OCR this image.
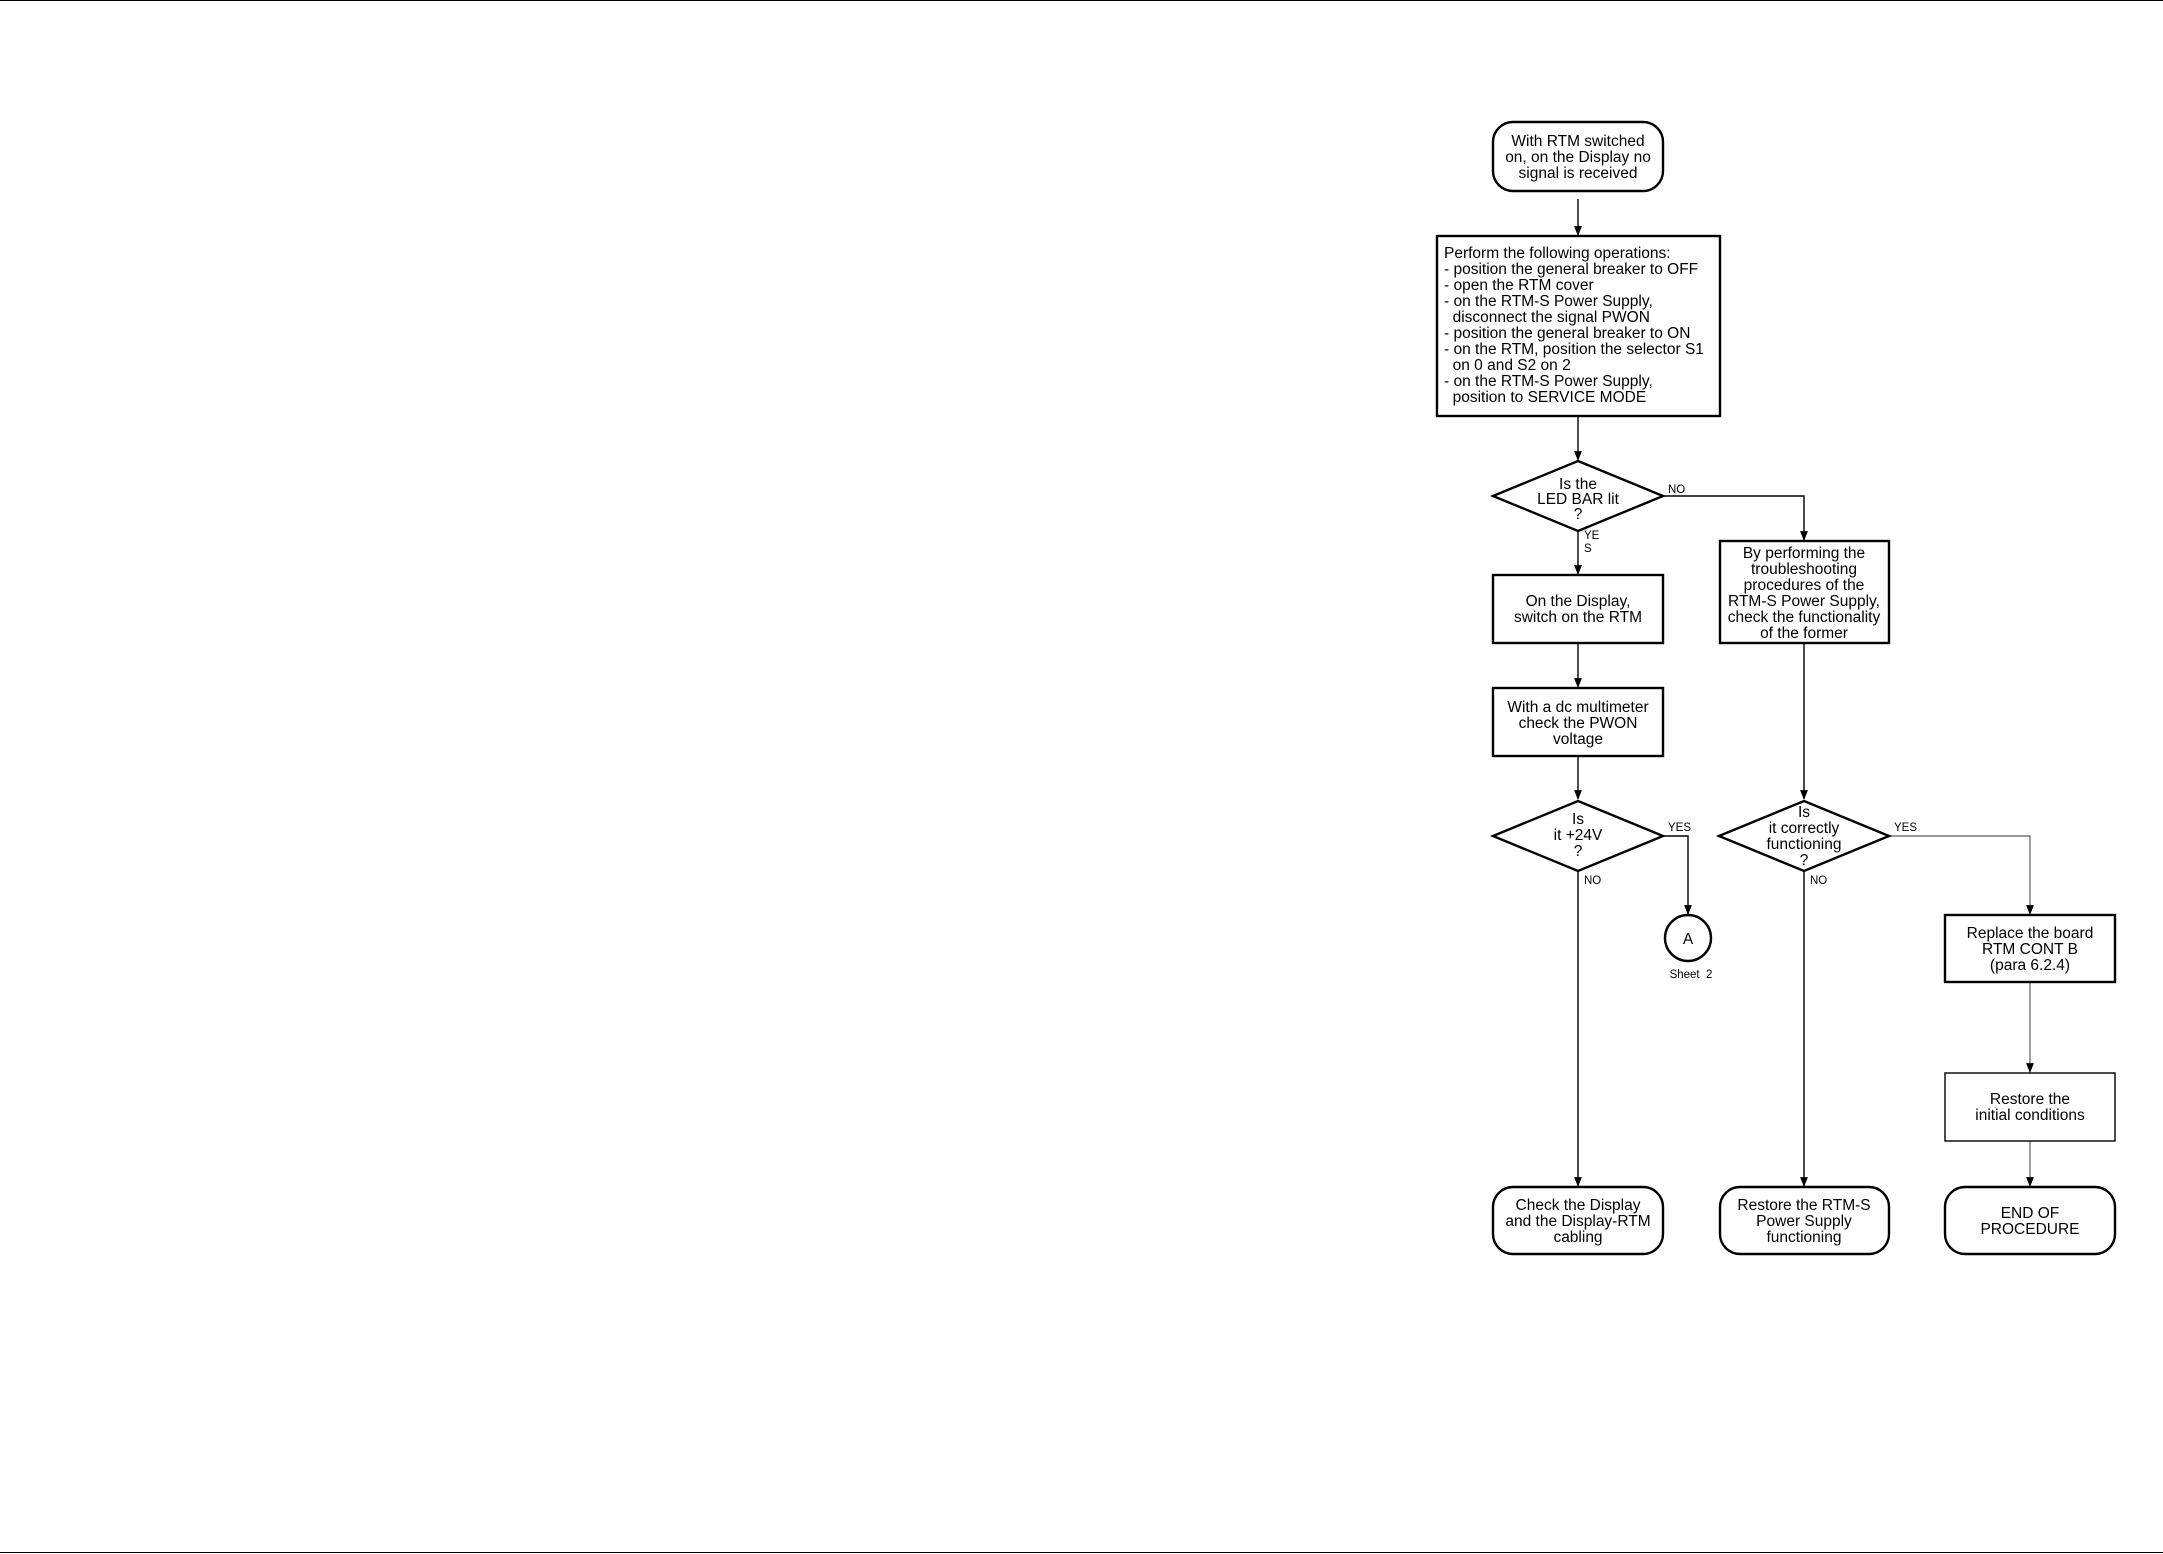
With RTM switched
on, on the Display no
signal is received
Perform the following operations:
- position the general breaker to OFF
- open the RTM cover
- on the RTM-S Power Supply,
disconnect the signal PWON
- position the general breaker to ON
- on the RTM, position the selector S1
on 0 and S2 on 2
- on the RTM-S Power Supply,
position to SERVICE MODE
Is the
LED BAR lit
?
NO
YE
S
On the Display,
switch on the RTM
By performing the
troubleshooting
procedures of the
RTM-S Power Supply,
check the functionality
of the former
With a dc multimeter
check the PWON
voltage
Is
it +24V
?
YES
NO
Is
it correctly
functioning
?
YES
NO
A
Sheet  2
Replace the board
RTM CONT B
(para 6.2.4)
Restore the
initial conditions
Check the Display
and the Display-RTM
cabling
Restore the RTM-S
Power Supply
functioning
END OF
PROCEDURE
